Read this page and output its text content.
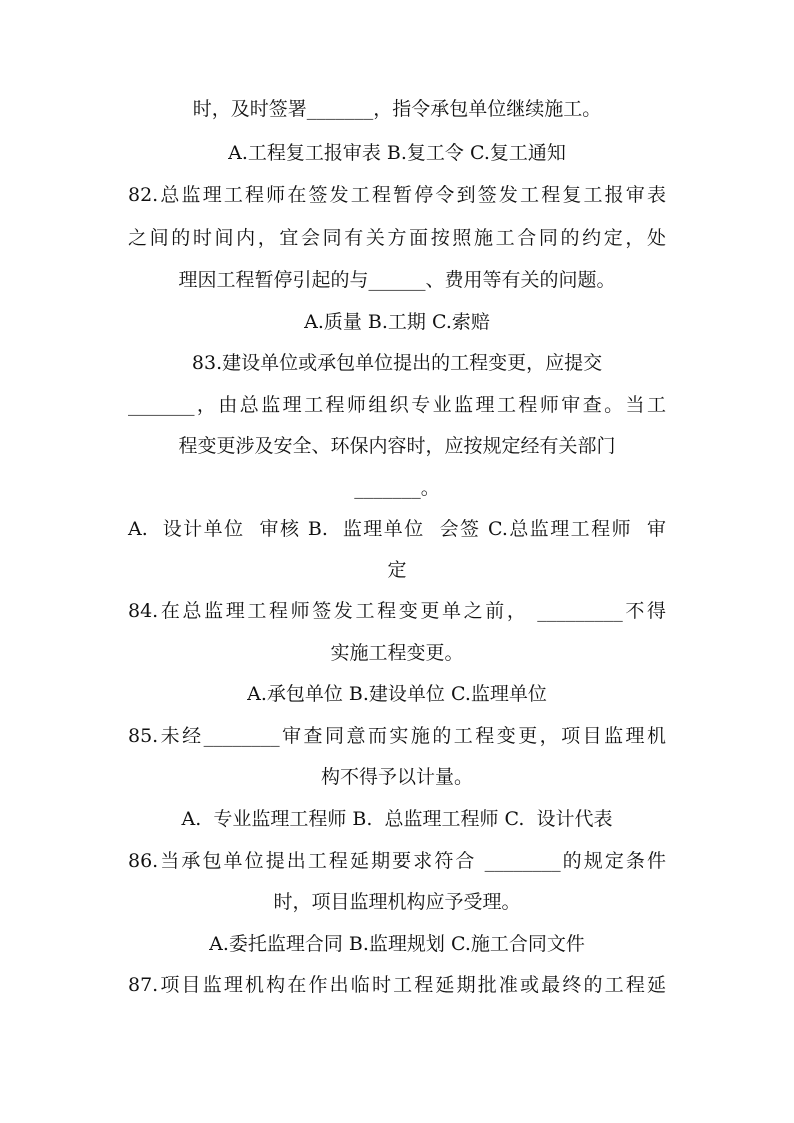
时，及时签署_______，指令承包单位继续施工。
A.工程复工报审表 B.复工令 C.复工通知
82.总监理工程师在签发工程暂停令到签发工程复工报审表
之间的时间内，宜会同有关方面按照施工合同的约定，处
理因工程暂停引起的与______、费用等有关的问题。
A.质量 B.工期 C.索赔
83.建设单位或承包单位提出的工程变更，应提交
_______，由总监理工程师组织专业监理工程师审查。当工
程变更涉及安全、环保内容时，应按规定经有关部门
_______。
A.  设计单位  审核 B.  监理单位  会签 C.总监理工程师  审
定
84.在总监理工程师签发工程变更单之前， _________不得
实施工程变更。
A.承包单位 B.建设单位 C.监理单位
85.未经________审查同意而实施的工程变更，项目监理机
构不得予以计量。
A.  专业监理工程师 B.  总监理工程师 C.  设计代表
86.当承包单位提出工程延期要求符合 ________的规定条件
时，项目监理机构应予受理。
A.委托监理合同 B.监理规划 C.施工合同文件
87.项目监理机构在作出临时工程延期批准或最终的工程延
